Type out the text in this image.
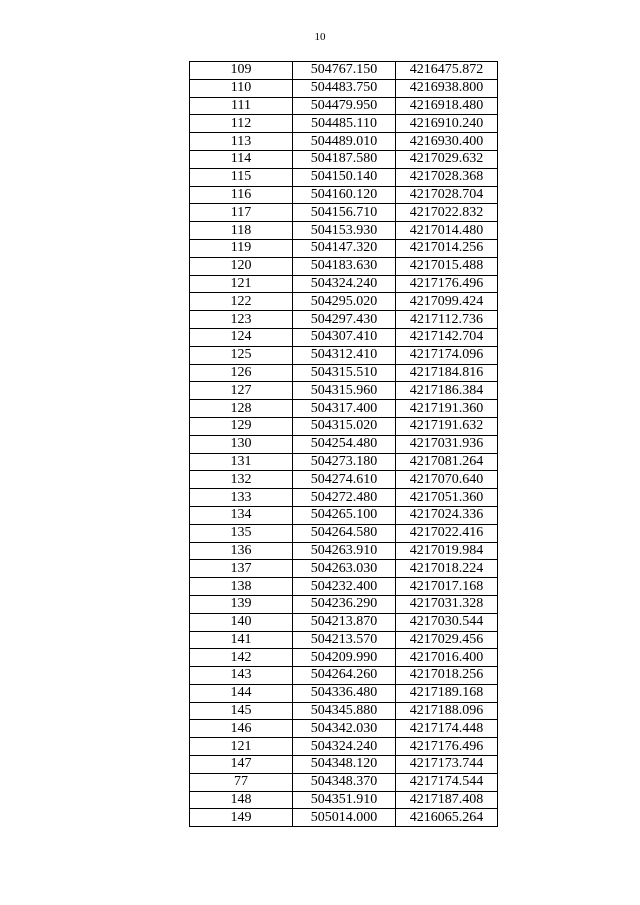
10
109	504767.150	4216475.872
110	504483.750	4216938.800
111	504479.950	4216918.480
112	504485.110	4216910.240
113	504489.010	4216930.400
114	504187.580	4217029.632
115	504150.140	4217028.368
116	504160.120	4217028.704
117	504156.710	4217022.832
118	504153.930	4217014.480
119	504147.320	4217014.256
120	504183.630	4217015.488
121	504324.240	4217176.496
122	504295.020	4217099.424
123	504297.430	4217112.736
124	504307.410	4217142.704
125	504312.410	4217174.096
126	504315.510	4217184.816
127	504315.960	4217186.384
128	504317.400	4217191.360
129	504315.020	4217191.632
130	504254.480	4217031.936
131	504273.180	4217081.264
132	504274.610	4217070.640
133	504272.480	4217051.360
134	504265.100	4217024.336
135	504264.580	4217022.416
136	504263.910	4217019.984
137	504263.030	4217018.224
138	504232.400	4217017.168
139	504236.290	4217031.328
140	504213.870	4217030.544
141	504213.570	4217029.456
142	504209.990	4217016.400
143	504264.260	4217018.256
144	504336.480	4217189.168
145	504345.880	4217188.096
146	504342.030	4217174.448
121	504324.240	4217176.496
147	504348.120	4217173.744
77	504348.370	4217174.544
148	504351.910	4217187.408
149	505014.000	4216065.264
